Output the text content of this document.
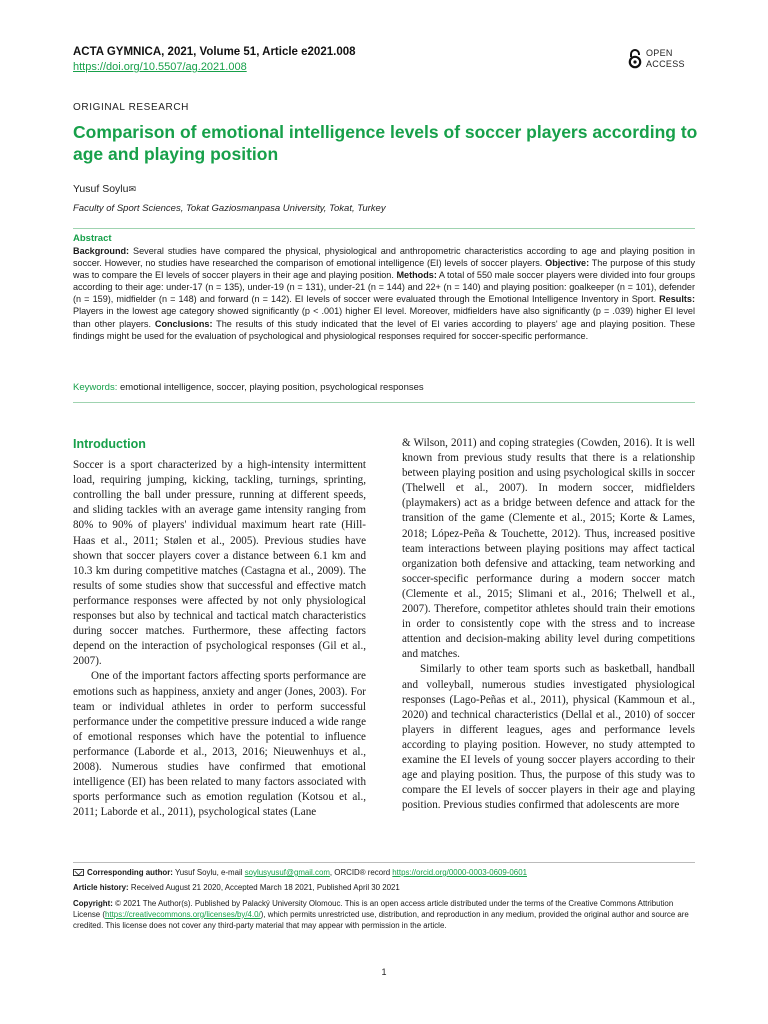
ACTA GYMNICA, 2021, Volume 51, Article e2021.008
https://doi.org/10.5507/ag.2021.008
OPEN
ACCESS
ORIGINAL RESEARCH
Comparison of emotional intelligence levels of soccer players according to age and playing position
Yusuf Soylu✉
Faculty of Sport Sciences, Tokat Gaziosmanpasa University, Tokat, Turkey
Abstract

Background: Several studies have compared the physical, physiological and anthropometric characteristics according to age and playing position in soccer. However, no studies have researched the comparison of emotional intelligence (EI) levels of soccer players. Objective: The purpose of this study was to compare the EI levels of soccer players in their age and playing position. Methods: A total of 550 male soccer players were divided into four groups according to their age: under-17 (n = 135), under-19 (n = 131), under-21 (n = 144) and 22+ (n = 140) and playing position: goalkeeper (n = 101), defender (n = 159), midfielder (n = 148) and forward (n = 142). EI levels of soccer were evaluated through the Emotional Intelligence Inventory in Sport. Results: Players in the lowest age category showed significantly (p < .001) higher EI level. Moreover, midfielders have also significantly (p = .039) higher EI level than other players. Conclusions: The results of this study indicated that the level of EI varies according to players' age and playing position. These findings might be used for the evaluation of psychological and physiological responses required for soccer-specific performance.

Keywords: emotional intelligence, soccer, playing position, psychological responses
Introduction

Soccer is a sport characterized by a high-intensity intermittent load, requiring jumping, kicking, tackling, turnings, sprinting, controlling the ball under pressure, running at different speeds, and sliding tackles with an average game intensity ranging from 80% to 90% of players' individual maximum heart rate (Hill-Haas et al., 2011; Stølen et al., 2005). Previous studies have shown that soccer players cover a distance between 6.1 km and 10.3 km during competitive matches (Castagna et al., 2009). The results of some studies show that successful and effective match performance responses were affected by not only physiological responses but also by technical and tactical match characteristics during soccer matches. Furthermore, these affecting factors depend on the interaction of psychological responses (Gil et al., 2007).

One of the important factors affecting sports performance are emotions such as happiness, anxiety and anger (Jones, 2003). For team or individual athletes in order to perform successful performance under the competitive pressure induced a wide range of emotional responses which have the potential to influence performance (Laborde et al., 2013, 2016; Nieuwenhuys et al., 2008). Numerous studies have confirmed that emotional intelligence (EI) has been related to many factors associated with sports performance such as emotion regulation (Kotsou et al., 2011; Laborde et al., 2011), psychological states (Lane

& Wilson, 2011) and coping strategies (Cowden, 2016). It is well known from previous study results that there is a relationship between playing position and using psychological skills in soccer (Thelwell et al., 2007). In modern soccer, midfielders (playmakers) act as a bridge between defence and attack for the transition of the game (Clemente et al., 2015; Korte & Lames, 2018; López-Peña & Touchette, 2012). Thus, increased positive team interactions between playing positions may affect tactical organization both defensive and attacking, team networking and soccer-specific performance during a modern soccer match (Clemente et al., 2015; Slimani et al., 2016; Thelwell et al., 2007). Therefore, competitor athletes should train their emotions in order to consistently cope with the stress and to increase attention and decision-making ability level during competitions and matches.

Similarly to other team sports such as basketball, handball and volleyball, numerous studies investigated physiological responses (Lago-Peñas et al., 2011), physical (Kammoun et al., 2020) and technical characteristics (Dellal et al., 2010) of soccer players in different leagues, ages and performance levels according to playing position. However, no study attempted to examine the EI levels of young soccer players according to their age and playing position. Thus, the purpose of this study was to compare the EI levels of soccer players in their age and playing position. Previous studies confirmed that adolescents are more

Corresponding author: Yusuf Soylu, e-mail soylusyusuf@gmail.com, ORCID® record https://orcid.org/0000-0003-0609-0601
Article history: Received August 21 2020, Accepted March 18 2021, Published April 30 2021
Copyright: © 2021 The Author(s). Published by Palacký University Olomouc. This is an open access article distributed under the terms of the Creative Commons Attribution License (https://creativecommons.org/licenses/by/4.0/), which permits unrestricted use, distribution, and reproduction in any medium, provided the original author and source are credited. This license does not cover any third-party material that may appear with permission in the article.
1
